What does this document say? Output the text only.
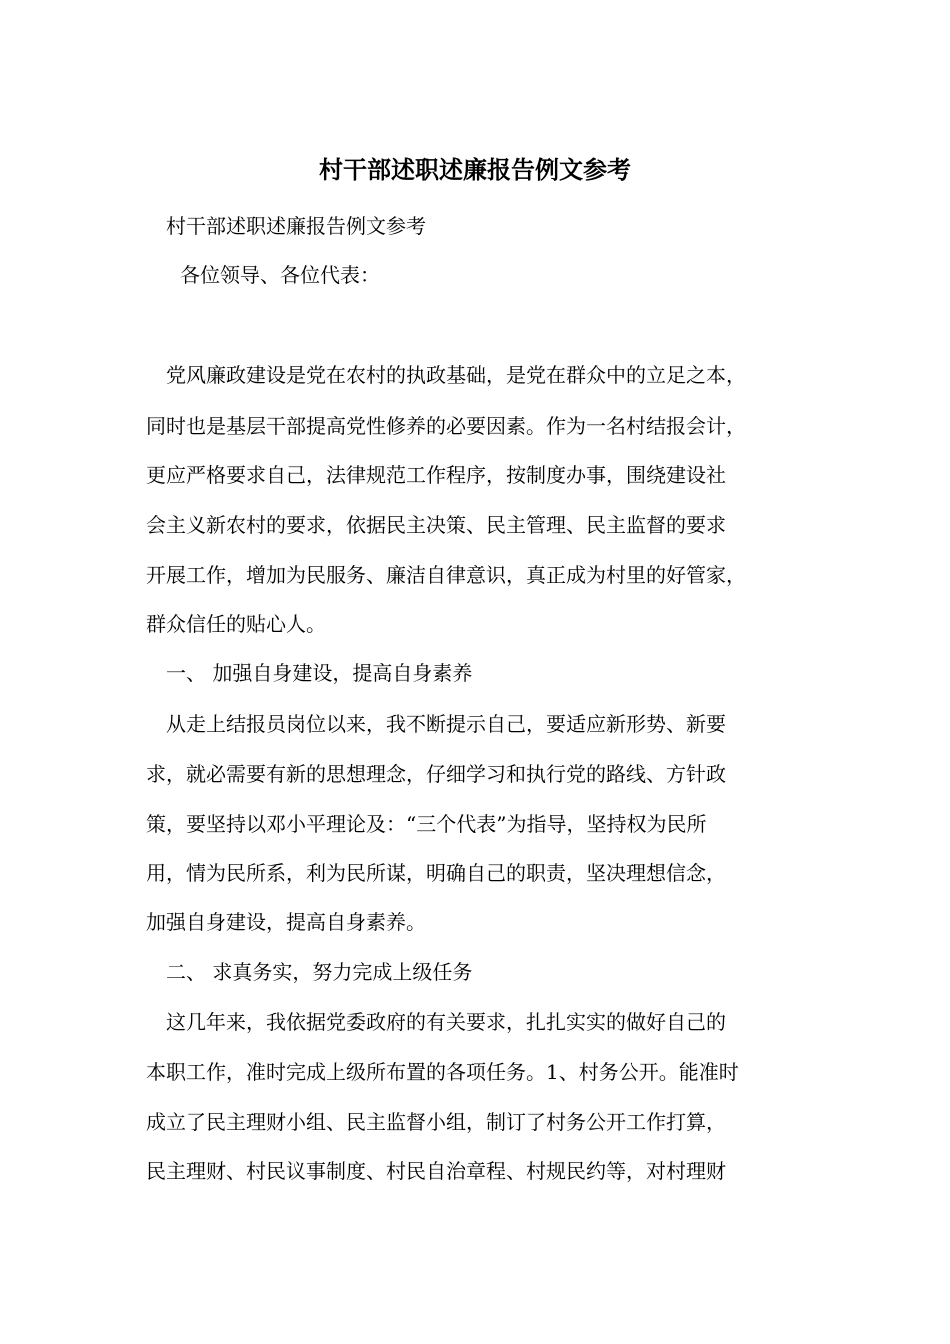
村干部述职述廉报告例文参考
村干部述职述廉报告例文参考
各位领导、各位代表：
党风廉政建设是党在农村的执政基础，是党在群众中的立足之本，
同时也是基层干部提高党性修养的必要因素。作为一名村结报会计，
更应严格要求自己，法律规范工作程序，按制度办事，围绕建设社
会主义新农村的要求，依据民主决策、民主管理、民主监督的要求
开展工作，增加为民服务、廉洁自律意识，真正成为村里的好管家，
群众信任的贴心人。
一、 加强自身建设，提高自身素养
从走上结报员岗位以来，我不断提示自己，要适应新形势、新要
求，就必需要有新的思想理念，仔细学习和执行党的路线、方针政
策，要坚持以邓小平理论及：“三个代表”为指导，坚持权为民所
用，情为民所系，利为民所谋，明确自己的职责，坚决理想信念，
加强自身建设，提高自身素养。
二、 求真务实，努力完成上级任务
这几年来，我依据党委政府的有关要求，扎扎实实的做好自己的
本职工作，准时完成上级所布置的各项任务。1、村务公开。能准时
成立了民主理财小组、民主监督小组，制订了村务公开工作打算，
民主理财、村民议事制度、村民自治章程、村规民约等，对村理财
